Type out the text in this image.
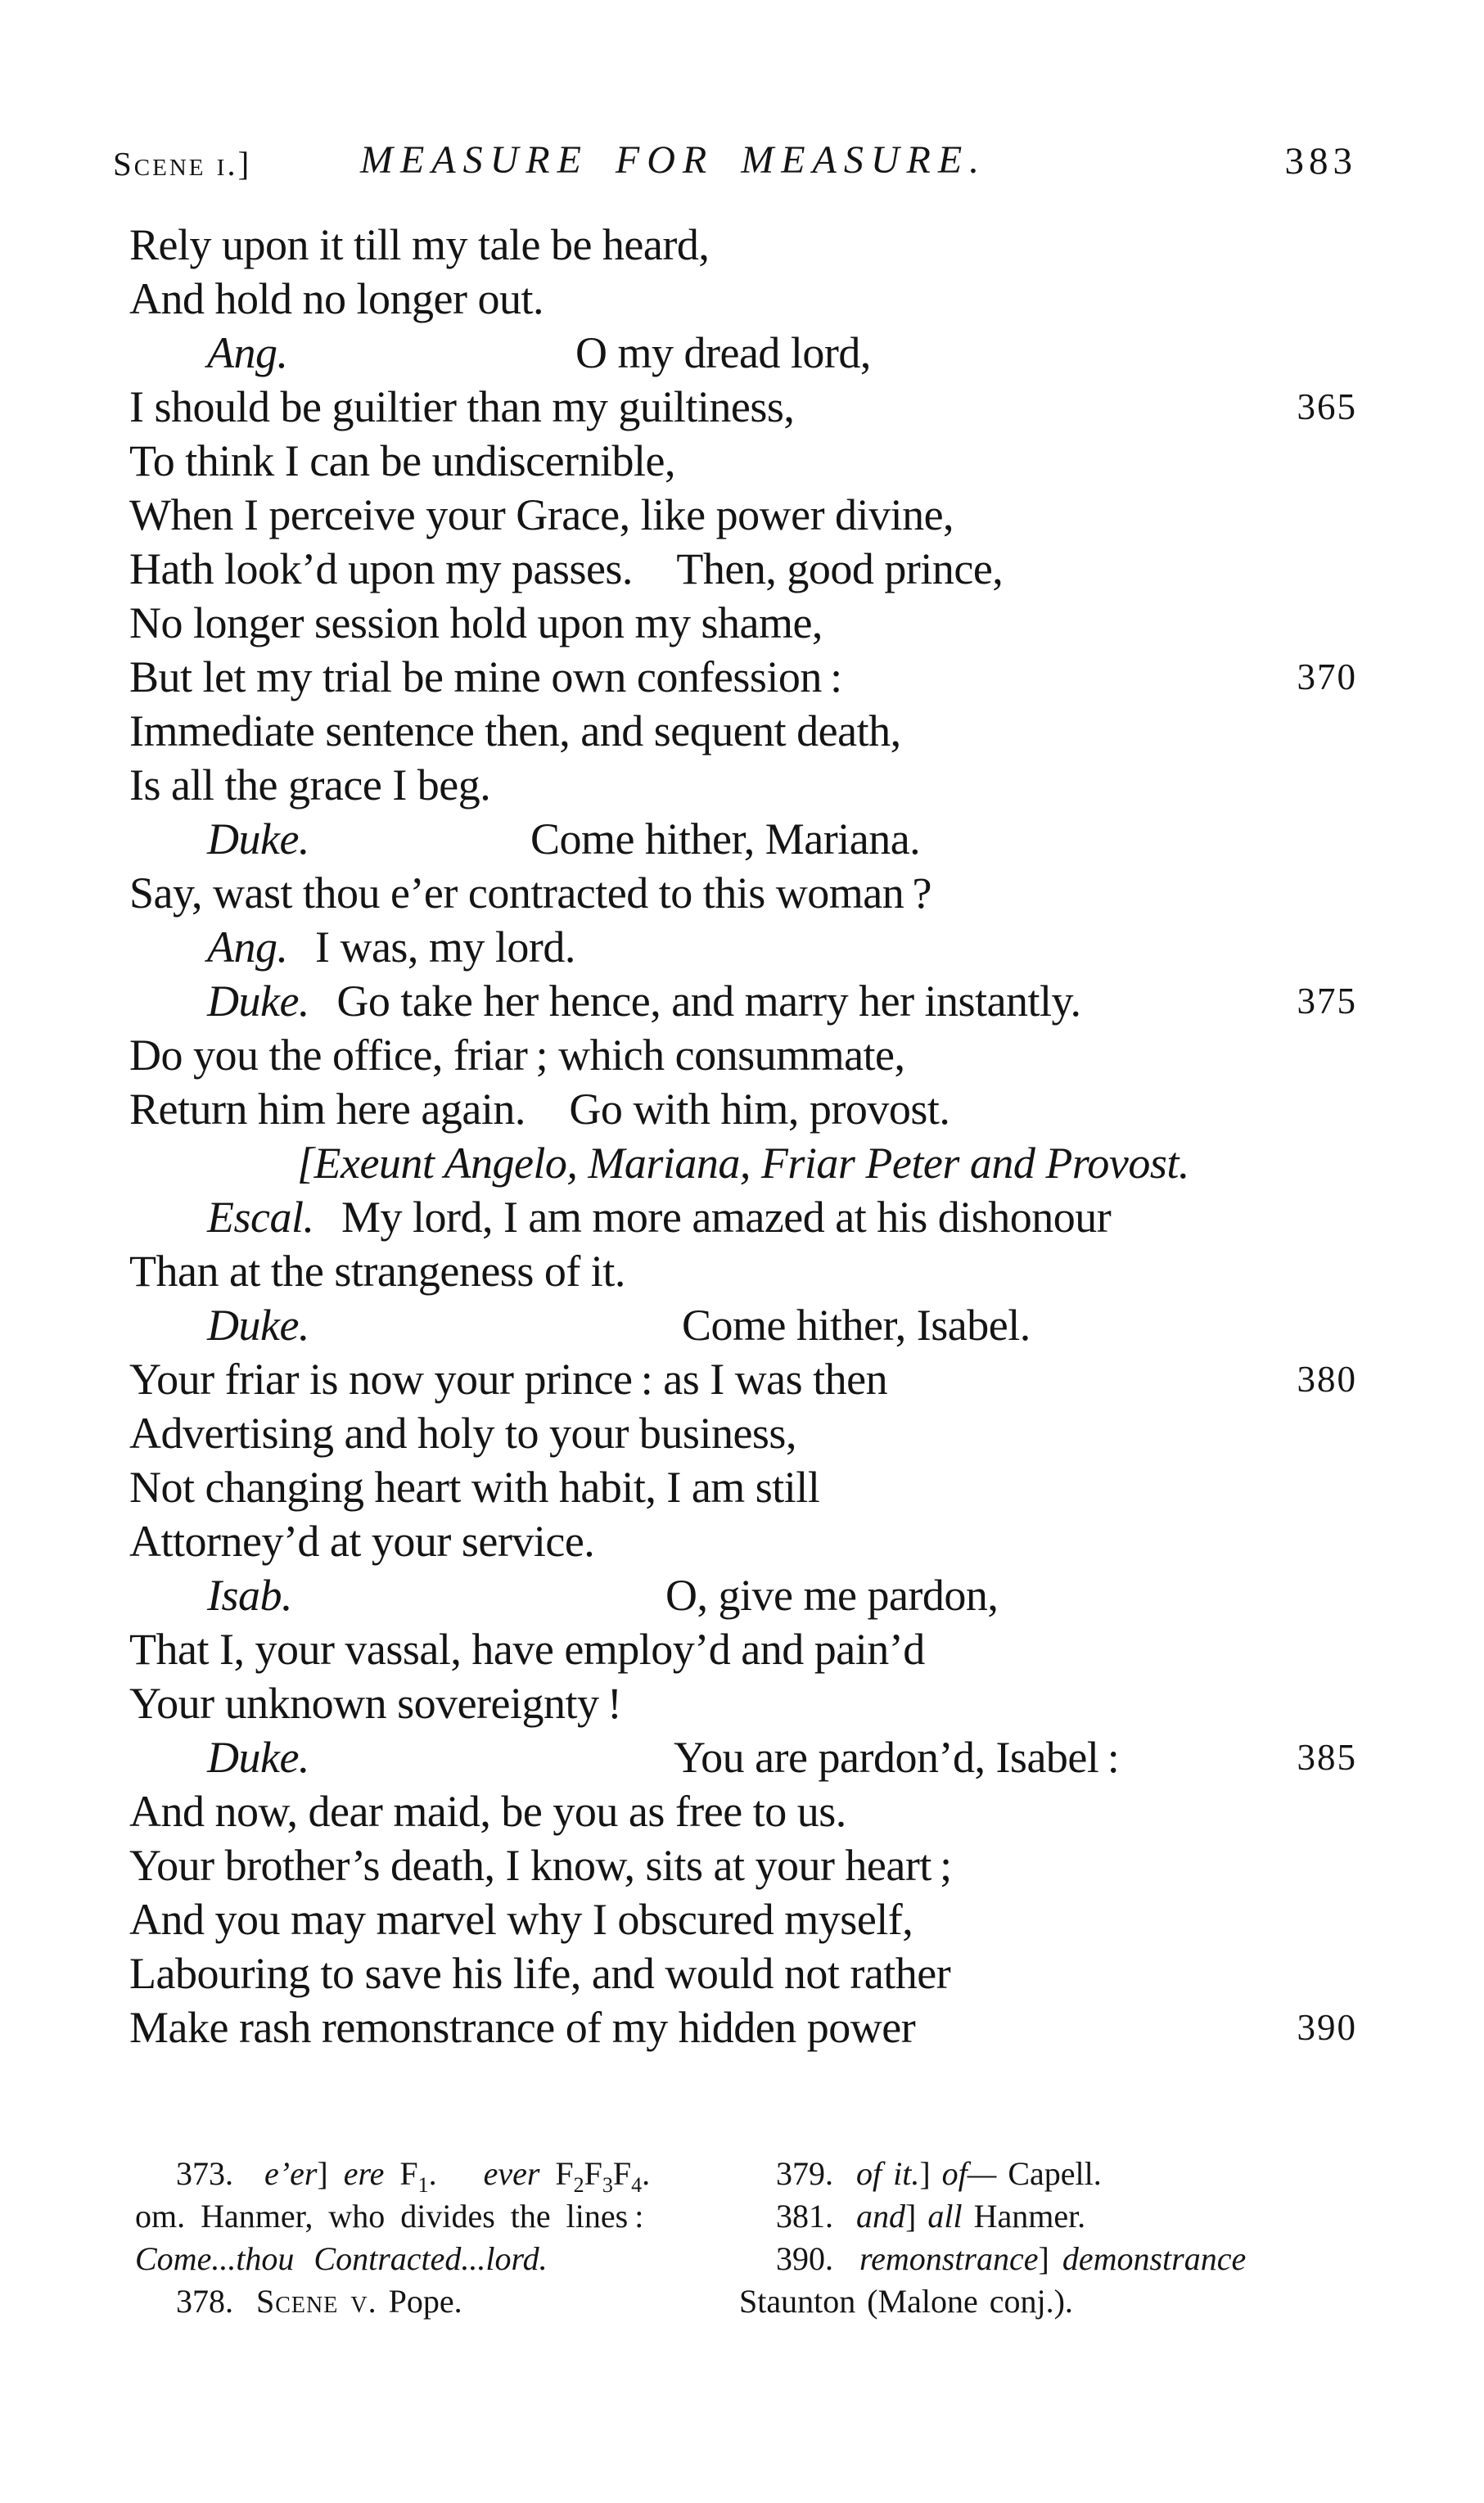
Scene i.]	MEASURE FOR MEASURE.	383
Rely upon it till my tale be heard,
And hold no longer out.
Ang.	O my dread lord,
I should be guiltier than my guiltiness,	365
To think I can be undiscernible,
When I perceive your Grace, like power divine,
Hath look’d upon my passes. Then, good prince,
No longer session hold upon my shame,
But let my trial be mine own confession :	370
Immediate sentence then, and sequent death,
Is all the grace I beg.
Duke.	Come hither, Mariana.
Say, wast thou e’er contracted to this woman ?
Ang. I was, my lord.
Duke. Go take her hence, and marry her instantly.	375
Do you the office, friar ; which consummate,
Return him here again. Go with him, provost.
[Exeunt Angelo, Mariana, Friar Peter and Provost.
Escal. My lord, I am more amazed at his dishonour
Than at the strangeness of it.
Duke.	Come hither, Isabel.
Your friar is now your prince : as I was then	380
Advertising and holy to your business,
Not changing heart with habit, I am still
Attorney’d at your service.
Isab.	O, give me pardon,
That I, your vassal, have employ’d and pain’d
Your unknown sovereignty !
Duke.	You are pardon’d, Isabel :	385
And now, dear maid, be you as free to us.
Your brother’s death, I know, sits at your heart ;
And you may marvel why I obscured myself,
Labouring to save his life, and would not rather
Make rash remonstrance of my hidden power	390
373.  e’er] ere $F_1$.   ever $F_2F_3F_4$.
om. Hanmer, who divides the lines :
Come...thou Contracted...lord.
378.  Scene v. Pope.
379.  of it.] of— Capell.
381.  and] all Hanmer.
390.  remonstrance] demonstrance
Staunton (Malone conj.).
